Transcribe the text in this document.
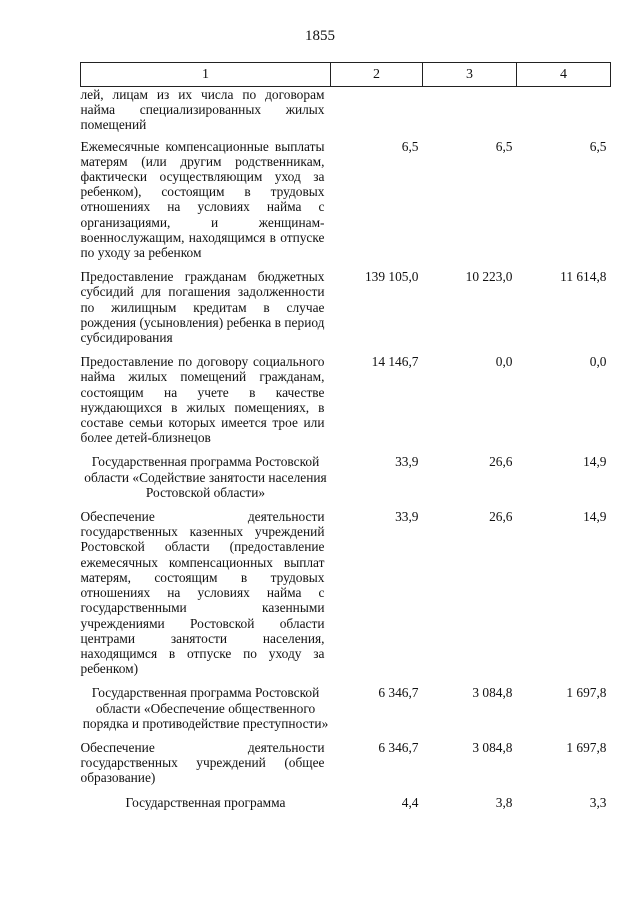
1855
1	2	3	4
лей, лицам из их числа по договорам найма специализированных жилых помещений			
Ежемесячные компенсационные выплаты матерям (или другим родственникам, фактически осуществляющим уход за ребенком), состоящим в трудовых отношениях на условиях найма с организациями, и женщинам-военнослужащим, находящимся в отпуске по уходу за ребенком	6,5	6,5	6,5
Предоставление гражданам бюджетных субсидий для погашения задолженности по жилищным кредитам в случае рождения (усыновления) ребенка в период субсидирования	139 105,0	10 223,0	11 614,8
Предоставление по договору социального найма жилых помещений гражданам, состоящим на учете в качестве нуждающихся в жилых помещениях, в составе семьи которых имеется трое или более детей-близнецов	14 146,7	0,0	0,0
Государственная программа Ростовской области «Содействие занятости населения Ростовской области»	33,9	26,6	14,9
Обеспечение деятельности государственных казенных учреждений Ростовской области (предоставление ежемесячных компенсационных выплат матерям, состоящим в трудовых отношениях на условиях найма с государственными казенными учреждениями Ростовской области центрами занятости населения, находящимся в отпуске по уходу за ребенком)	33,9	26,6	14,9
Государственная программа Ростовской области «Обеспечение общественного порядка и противодействие преступности»	6 346,7	3 084,8	1 697,8
Обеспечение деятельности государственных учреждений (общее образование)	6 346,7	3 084,8	1 697,8
Государственная программа	4,4	3,8	3,3
